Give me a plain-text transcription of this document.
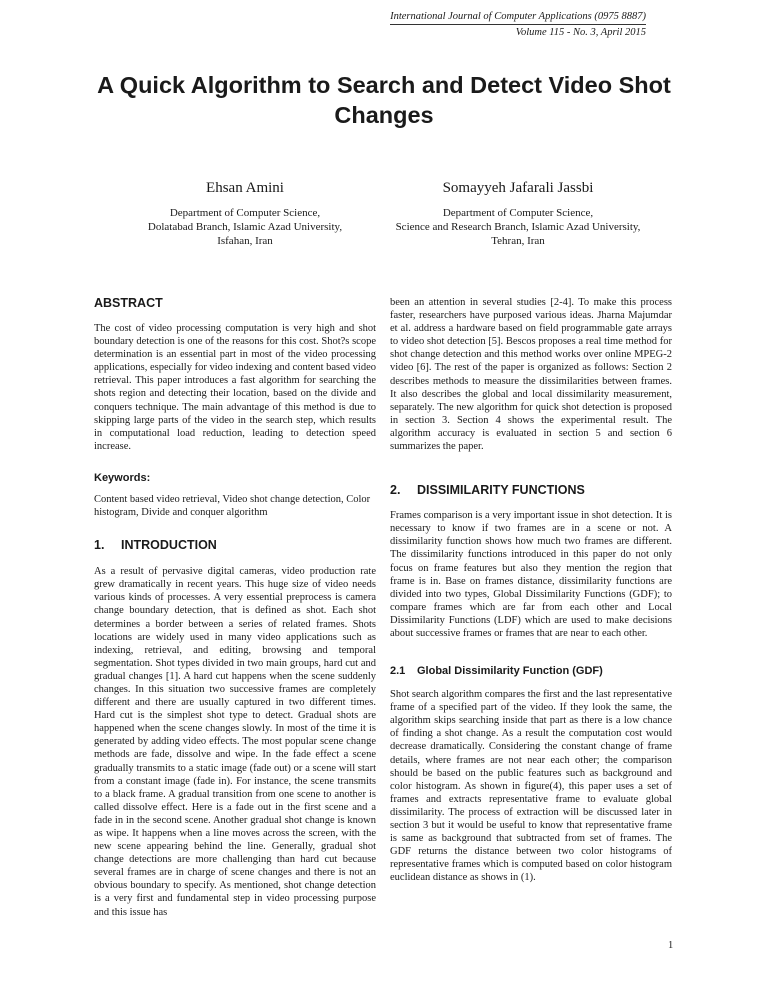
International Journal of Computer Applications (0975 8887)
Volume 115 - No. 3, April 2015
A Quick Algorithm to Search and Detect Video Shot Changes
Ehsan Amini
Department of Computer Science,
Dolatabad Branch, Islamic Azad University,
Isfahan, Iran
Somayyeh Jafarali Jassbi
Department of Computer Science,
Science and Research Branch, Islamic Azad University,
Tehran, Iran
ABSTRACT

The cost of video processing computation is very high and shot boundary detection is one of the reasons for this cost. Shot?s scope determination is an essential part in most of the video processing applications, especially for video indexing and content based video retrieval. This paper introduces a fast algorithm for searching the shots region and detecting their location, based on the divide and conquers technique. The main advantage of this method is due to skipping large parts of the video in the search step, which results in computational load reduction, leading to detection speed increase.

Keywords:

Content based video retrieval, Video shot change detection, Color histogram, Divide and conquer algorithm

1. INTRODUCTION

As a result of pervasive digital cameras, video production rate grew dramatically in recent years. This huge size of video needs various kinds of processes. A very essential preprocess is camera change boundary detection, that is defined as shot. Each shot determines a border between a series of related frames. Shots locations are widely used in many video applications such as indexing, retrieval, and editing, browsing and temporal segmentation. Shot types divided in two main groups, hard cut and gradual changes [1]. A hard cut happens when the scene suddenly changes. In this situation two successive frames are completely different and there are usually captured in two different times. Hard cut is the simplest shot type to detect. Gradual shots are happened when the scene changes slowly. In most of the time it is generated by adding video effects. The most popular scene change methods are fade, dissolve and wipe. In the fade effect a scene gradually transmits to a static image (fade out) or a scene will start from a constant image (fade in). For instance, the scene transmits to a black frame. A gradual transition from one scene to another is called dissolve effect. Here is a fade out in the first scene and a fade in in the second scene. Another gradual shot change is known as wipe. It happens when a line moves across the screen, with the new scene appearing behind the line. Generally, gradual shot change detections are more challenging than hard cut because several frames are in charge of scene changes and there is not an obvious boundary to specify. As mentioned, shot change detection is a very first and fundamental step in video processing purpose and this issue has

been an attention in several studies [2-4]. To make this process faster, researchers have purposed various ideas. Jharna Majumdar et al. address a hardware based on field programmable gate arrays to video shot detection [5]. Bescos proposes a real time method for shot change detection and this method works over online MPEG-2 video [6]. The rest of the paper is organized as follows: Section 2 describes methods to measure the dissimilarities between frames. It also describes the global and local dissimilarity measurement, separately. The new algorithm for quick shot detection is proposed in section 3. Section 4 shows the experimental result. The algorithm accuracy is evaluated in section 5 and section 6 summarizes the paper.

2. DISSIMILARITY FUNCTIONS

Frames comparison is a very important issue in shot detection. It is necessary to know if two frames are in a scene or not. A dissimilarity function shows how much two frames are different. The dissimilarity functions introduced in this paper do not only focus on frame features but also they mention the region that frame is in. Base on frames distance, dissimilarity functions are divided into two types, Global Dissimilarity Functions (GDF); to compare frames which are far from each other and Local Dissimilarity Functions (LDF) which are used to make decisions about successive frames or frames that are near to each other.

2.1 Global Dissimilarity Function (GDF)

Shot search algorithm compares the first and the last representative frame of a specified part of the video. If they look the same, the algorithm skips searching inside that part as there is a low chance of finding a shot change. As a result the computation cost would decrease dramatically. Considering the constant change of frame details, where frames are not near each other; the comparison should be based on the public features such as background and color histogram. As shown in figure(4), this paper uses a set of frames and extracts representative frame to evaluate global dissimilarity. The process of extraction will be discussed later in section 3 but it would be useful to know that representative frame is same as background that subtracted from set of frames. The GDF returns the distance between two color histograms of representative frames which is computed based on color histogram euclidean distance as shows in (1).

1
